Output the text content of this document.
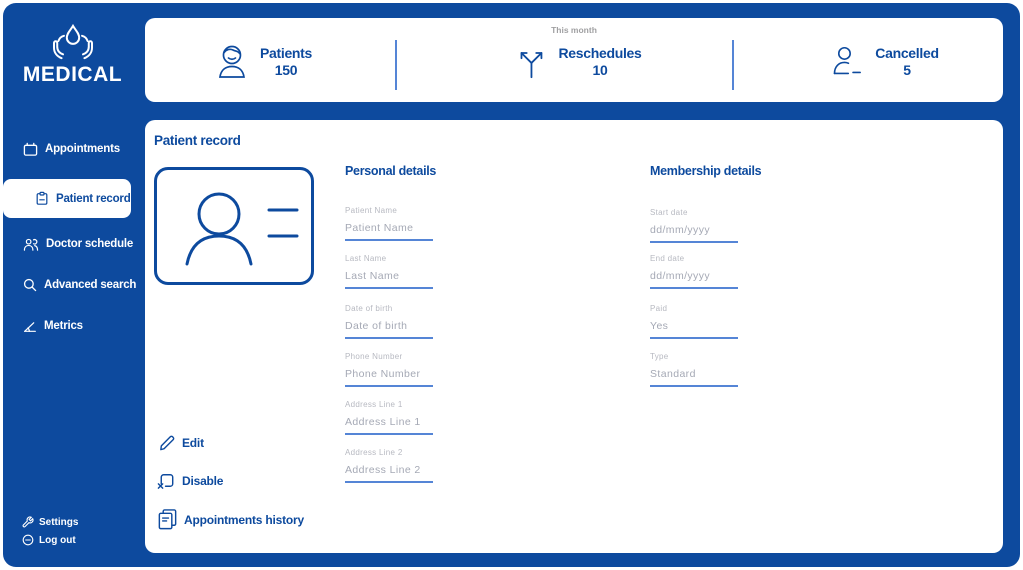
MEDICAL
Appointments
Patient records
Doctor schedule
Advanced search
Metrics
Settings
Log out
This month
Patients
150
Reschedules
10
Cancelled
5
Patient record
Personal details
Patient Name
Patient Name
Last Name
Last Name
Date of birth
Date of birth
Phone Number
Phone Number
Address Line 1
Address Line 1
Address Line 2
Address Line 2
Membership details
Start date
dd/mm/yyyy
End date
dd/mm/yyyy
Paid
Yes
Type
Standard
Edit
Disable
Appointments history
